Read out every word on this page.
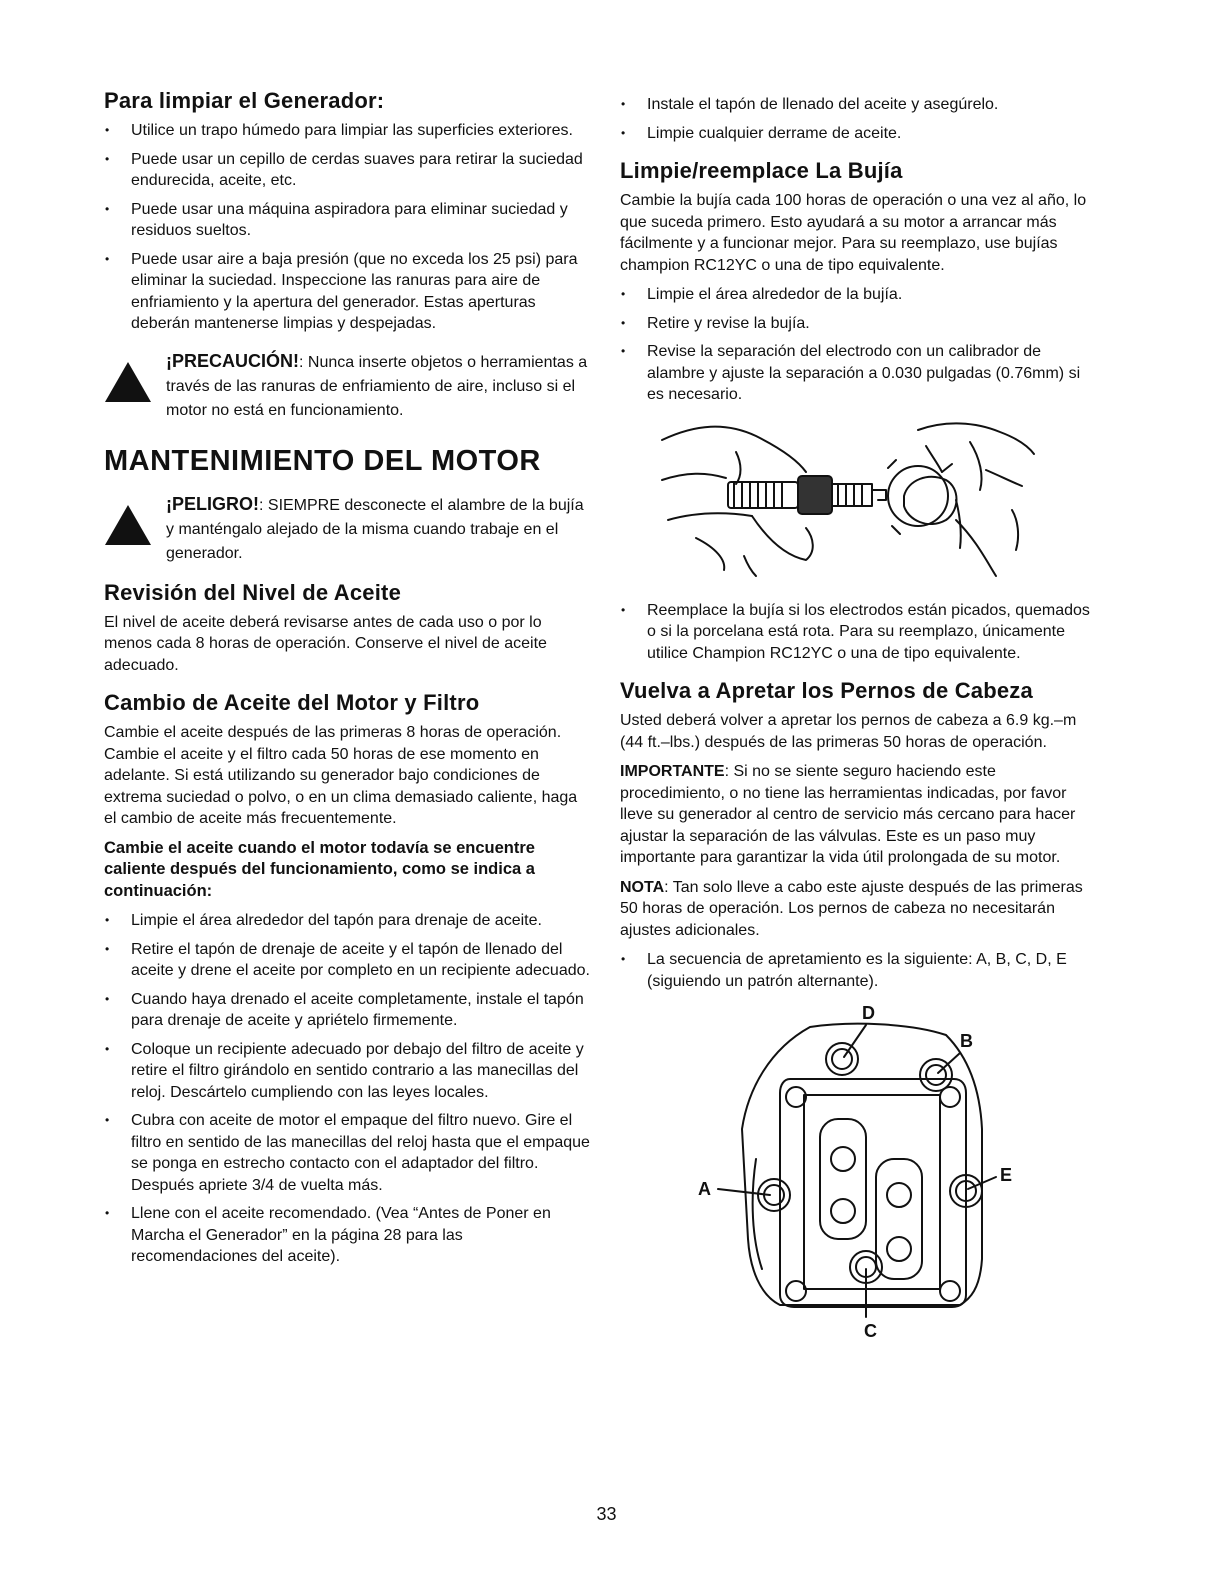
Para limpiar el Generador:
• Utilice un trapo húmedo para limpiar las superficies exteriores.
• Puede usar un cepillo de cerdas suaves para retirar la suciedad endurecida, aceite, etc.
• Puede usar una máquina aspiradora para eliminar suciedad y residuos sueltos.
• Puede usar aire a baja presión (que no exceda los 25 psi) para eliminar la suciedad. Inspeccione las ranuras para aire de enfriamiento y la apertura del generador. Estas aperturas deberán mantenerse limpias y despejadas.

¡PRECAUCIÓN!: Nunca inserte objetos o herramientas a través de las ranuras de enfriamiento de aire, incluso si el motor no está en funcionamiento.

MANTENIMIENTO DEL MOTOR

¡PELIGRO!: SIEMPRE desconecte el alambre de la bujía y manténgalo alejado de la misma cuando trabaje en el generador.

Revisión del Nivel de Aceite

El nivel de aceite deberá revisarse antes de cada uso o por lo menos cada 8 horas de operación. Conserve el nivel de aceite adecuado.

Cambio de Aceite del Motor y Filtro

Cambie el aceite después de las primeras 8 horas de operación. Cambie el aceite y el filtro cada 50 horas de ese momento en adelante. Si está utilizando su generador bajo condiciones de extrema suciedad o polvo, o en un clima demasiado caliente, haga el cambio de aceite más frecuentemente.

Cambie el aceite cuando el motor todavía se encuentre caliente después del funcionamiento, como se indica a continuación:

• Limpie el área alrededor del tapón para drenaje de aceite.
• Retire el tapón de drenaje de aceite y el tapón de llenado del aceite y drene el aceite por completo en un recipiente adecuado.
• Cuando haya drenado el aceite completamente, instale el tapón para drenaje de aceite y apriételo firmemente.
• Coloque un recipiente adecuado por debajo del filtro de aceite y retire el filtro girándolo en sentido contrario a las manecillas del reloj. Descártelo cumpliendo con las leyes locales.
• Cubra con aceite de motor el empaque del filtro nuevo. Gire el filtro en sentido de las manecillas del reloj hasta que el empaque se ponga en estrecho contacto con el adaptador del filtro. Después apriete 3/4 de vuelta más.
• Llene con el aceite recomendado. (Vea “Antes de Poner en Marcha el Generador” en la página 28 para las recomendaciones del aceite).
• Instale el tapón de llenado del aceite y asegúrelo.
• Limpie cualquier derrame de aceite.
Limpie/reemplace La Bujía

Cambie la bujía cada 100 horas de operación o una vez al año, lo que suceda primero. Esto ayudará a su motor a arrancar más fácilmente y a funcionar mejor. Para su reemplazo, use bujías champion RC12YC o una de tipo equivalente.

• Limpie el área alrededor de la bujía.
• Retire y revise la bujía.
• Revise la separación del electrodo con un calibrador de alambre y ajuste la separación a 0.030 pulgadas (0.76mm) si es necesario.
• Reemplace la bujía si los electrodos están picados, quemados o si la porcelana está rota. Para su reemplazo, únicamente utilice Champion RC12YC o una de tipo equivalente.
Vuelva a Apretar los Pernos de Cabeza

Usted deberá volver a apretar los pernos de cabeza a 6.9 kg.–m (44 ft.–lbs.) después de las primeras 50 horas de operación.

IMPORTANTE: Si no se siente seguro haciendo este procedimiento, o no tiene las herramientas indicadas, por favor lleve su generador al centro de servicio más cercano para hacer ajustar la separación de las válvulas. Este es un paso muy importante para garantizar la vida útil prolongada de su motor.

NOTA: Tan solo lleve a cabo este ajuste después de las primeras 50 horas de operación. Los pernos de cabeza no necesitarán ajustes adicionales.

• La secuencia de apretamiento es la siguiente: A, B, C, D, E (siguiendo un patrón alternante).
D
B
E
A
C
33
